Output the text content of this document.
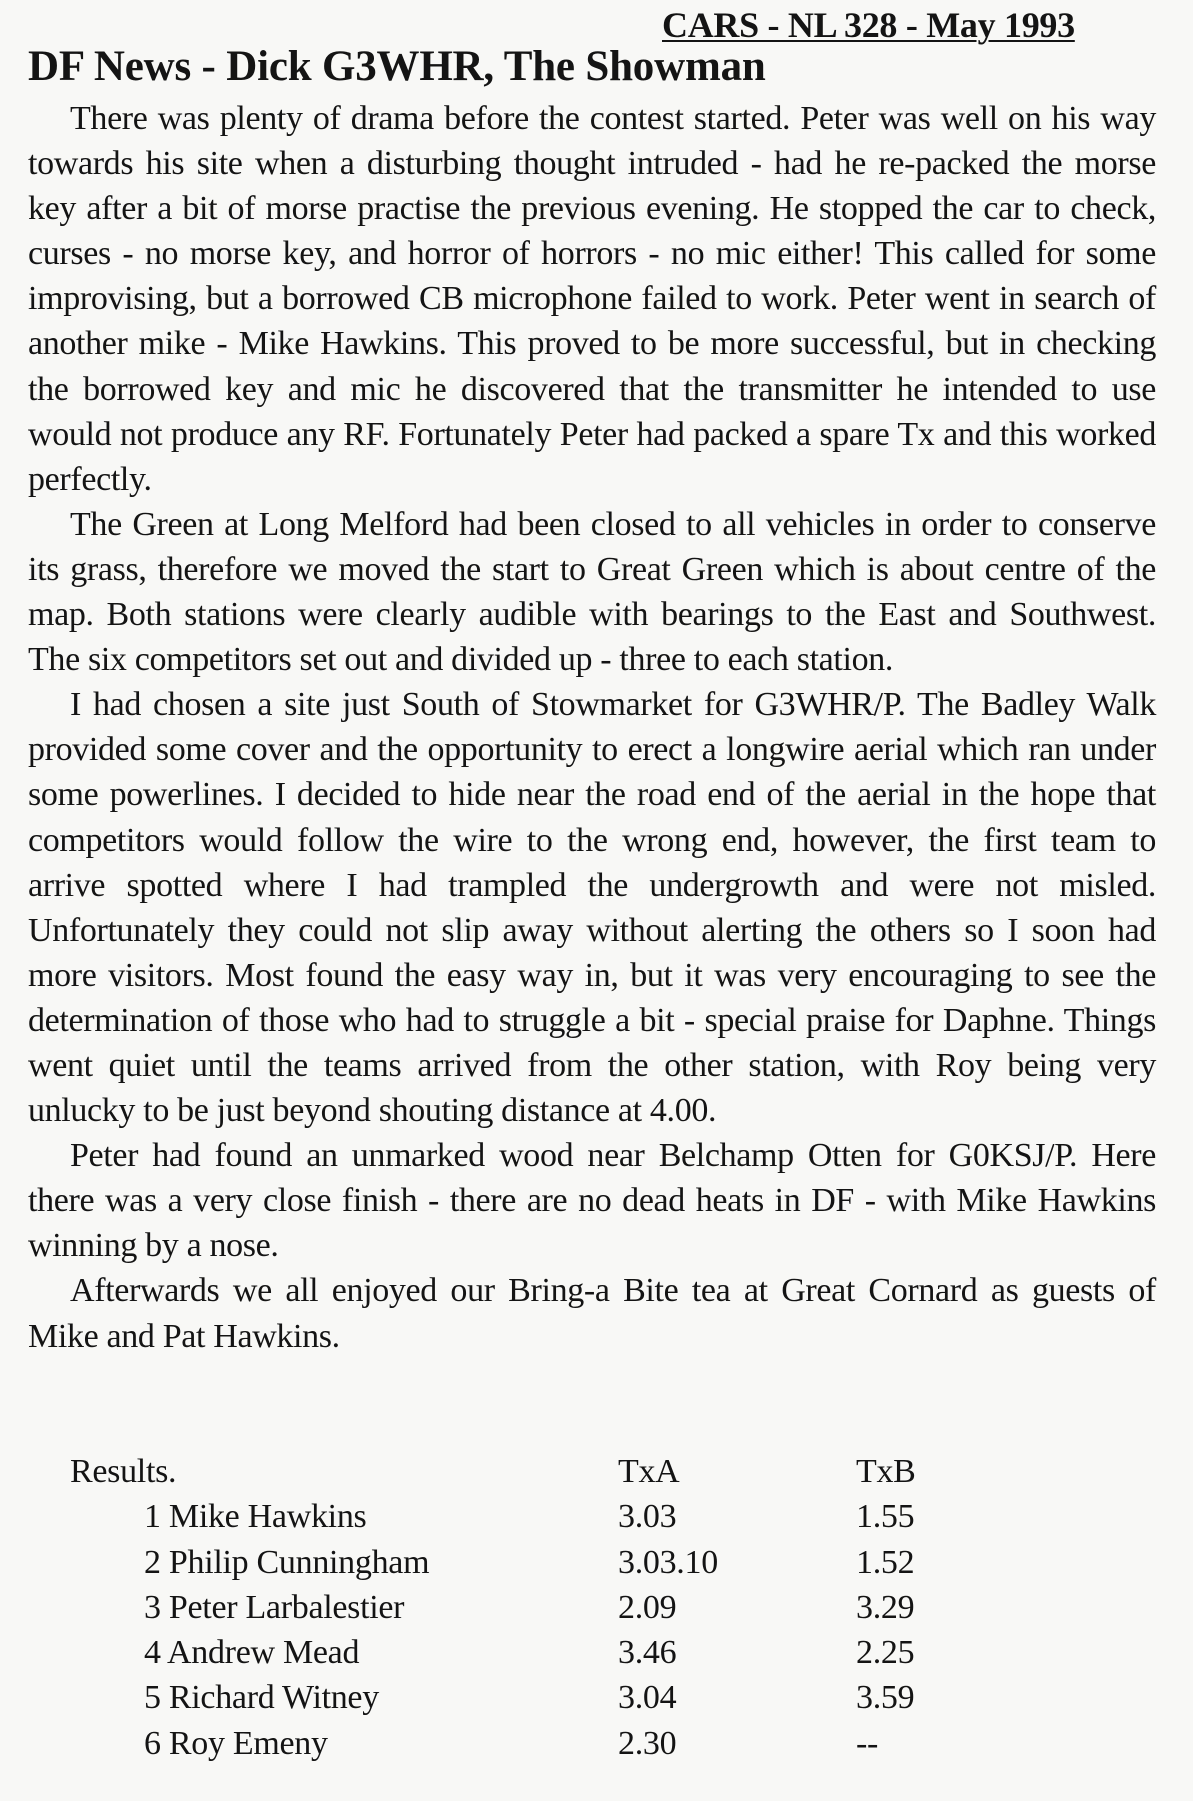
CARS - NL 328 - May 1993
DF News - Dick G3WHR, The Showman

There was plenty of drama before the contest started. Peter was well on his way towards his site when a disturbing thought intruded - had he re-packed the morse key after a bit of morse practise the previous evening. He stopped the car to check, curses - no morse key, and horror of horrors - no mic either! This called for some improvising, but a borrowed CB microphone failed to work. Peter went in search of another mike - Mike Hawkins. This proved to be more successful, but in checking the borrowed key and mic he discovered that the transmitter he intended to use would not produce any RF. Fortunately Peter had packed a spare Tx and this worked perfectly.

The Green at Long Melford had been closed to all vehicles in order to conserve its grass, therefore we moved the start to Great Green which is about centre of the map. Both stations were clearly audible with bearings to the East and Southwest. The six competitors set out and divided up - three to each station.

I had chosen a site just South of Stowmarket for G3WHR/P. The Badley Walk provided some cover and the opportunity to erect a longwire aerial which ran under some powerlines. I decided to hide near the road end of the aerial in the hope that competitors would follow the wire to the wrong end, however, the first team to arrive spotted where I had trampled the undergrowth and were not misled. Unfortunately they could not slip away without alerting the others so I soon had more visitors. Most found the easy way in, but it was very encouraging to see the determination of those who had to struggle a bit - special praise for Daphne. Things went quiet until the teams arrived from the other station, with Roy being very unlucky to be just beyond shouting distance at 4.00.

Peter had found an unmarked wood near Belchamp Otten for G0KSJ/P. Here there was a very close finish - there are no dead heats in DF - with Mike Hawkins winning by a nose.

Afterwards we all enjoyed our Bring-a Bite tea at Great Cornard as guests of Mike and Pat Hawkins.

Results.	TxA	TxB
1 Mike Hawkins	3.03	1.55
2 Philip Cunningham	3.03.10	1.52
3 Peter Larbalestier	2.09	3.29
4 Andrew Mead	3.46	2.25
5 Richard Witney	3.04	3.59
6 Roy Emeny	2.30	--
